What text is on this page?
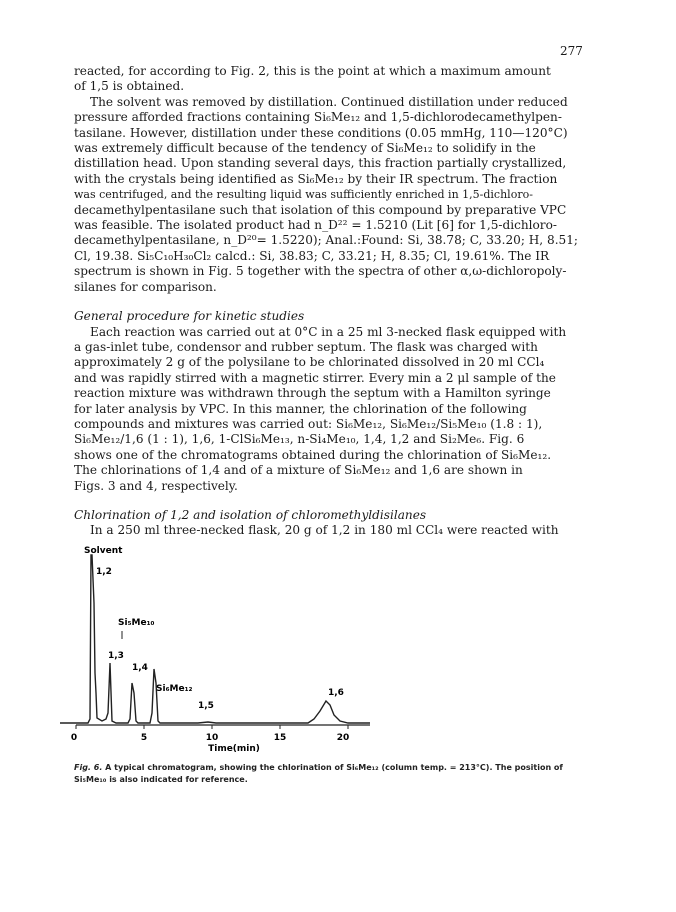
277

reacted, for according to Fig. 2, this is the point at which a maximum amount

of 1,5 is obtained.

The solvent was removed by distillation. Continued distillation under reduced

pressure afforded fractions containing Si₆Me₁₂ and 1,5-dichlorodecamethylpen-

tasilane. However, distillation under these conditions (0.05 mmHg, 110—120°C)

was extremely difficult because of the tendency of Si₆Me₁₂ to solidify in the

distillation head. Upon standing several days, this fraction partially crystallized,

with the crystals being identified as Si₆Me₁₂ by their IR spectrum. The fraction

was centrifuged, and the resulting liquid was sufficiently enriched in 1,5-dichloro-

decamethylpentasilane such that isolation of this compound by preparative VPC

was feasible. The isolated product had n_D²² = 1.5210 (Lit [6] for 1,5-dichloro-

decamethylpentasilane, n_D²⁰= 1.5220); Anal.:Found: Si, 38.78; C, 33.20; H, 8.51;

Cl, 19.38. Si₅C₁₀H₃₀Cl₂ calcd.: Si, 38.83; C, 33.21; H, 8.35; Cl, 19.61%. The IR

spectrum is shown in Fig. 5 together with the spectra of other α,ω-dichloropoly-

silanes for comparison.

General procedure for kinetic studies

Each reaction was carried out at 0°C in a 25 ml 3-necked flask equipped with

a gas-inlet tube, condensor and rubber septum. The flask was charged with

approximately 2 g of the polysilane to be chlorinated dissolved in 20 ml CCl₄

and was rapidly stirred with a magnetic stirrer. Every min a 2 μl sample of the

reaction mixture was withdrawn through the septum with a Hamilton syringe

for later analysis by VPC. In this manner, the chlorination of the following

compounds and mixtures was carried out: Si₆Me₁₂, Si₆Me₁₂/Si₅Me₁₀ (1.8 : 1),

Si₆Me₁₂/1,6 (1 : 1), 1,6, 1-ClSi₆Me₁₃, n-Si₄Me₁₀, 1,4, 1,2 and Si₂Me₆. Fig. 6

shows one of the chromatograms obtained during the chlorination of Si₆Me₁₂.

The chlorinations of 1,4 and of a mixture of Si₆Me₁₂ and 1,6 are shown in

Figs. 3 and 4, respectively.

Chlorination of 1,2 and isolation of chloromethyldisilanes

In a 250 ml three-necked flask, 20 g of 1,2 in 180 ml CCl₄ were reacted with

0	5	10	15	20
Time(min)
Solvent
1,2
Si₅Me₁₀
1,3
1,4
Si₆Me₁₂
1,5
1,6
Fig. 6. A typical chromatogram, showing the chlorination of Si₆Me₁₂ (column temp. = 213°C). The position of Si₅Me₁₀ is also indicated for reference.
